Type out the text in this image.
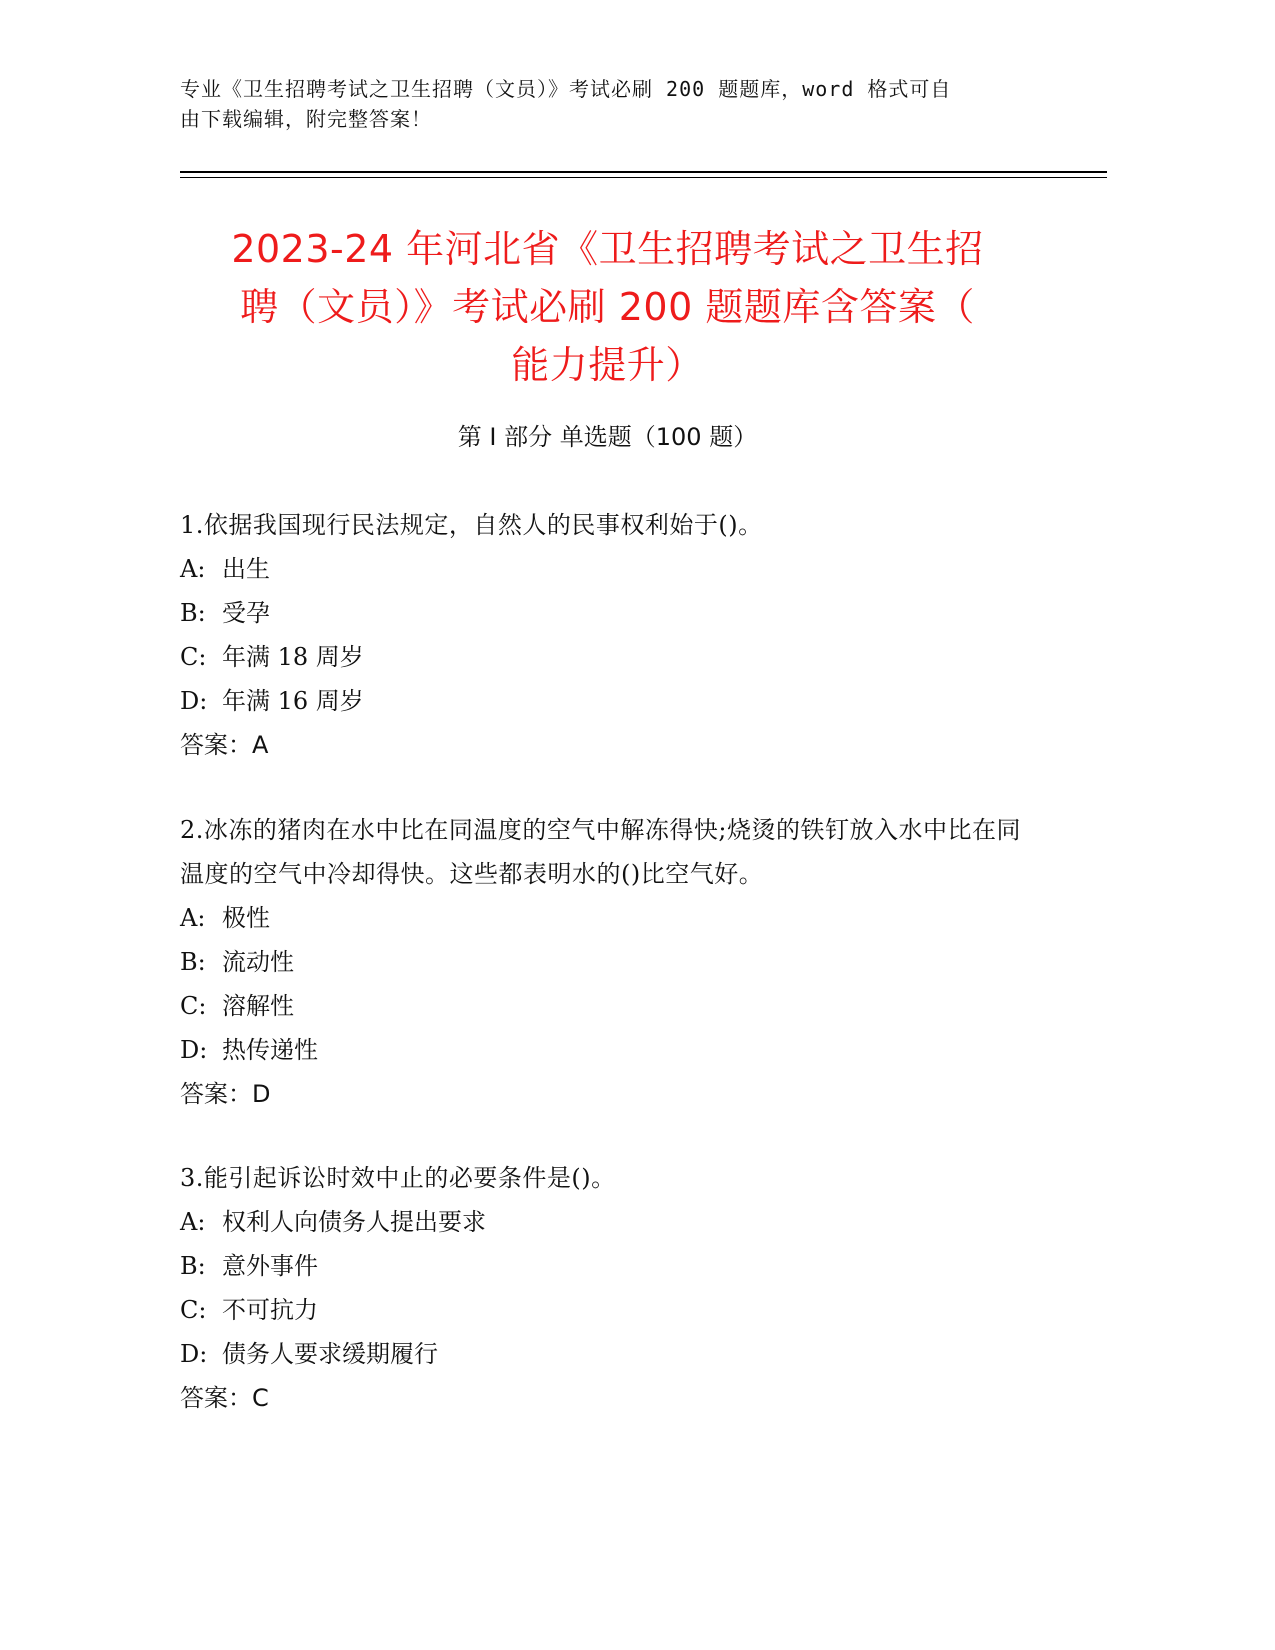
专业《卫生招聘考试之卫生招聘（文员）》考试必刷 200 题题库，word 格式可自
由下载编辑，附完整答案！
2023-24 年河北省《卫生招聘考试之卫生招
聘（文员）》考试必刷 200 题题库含答案（
能力提升）
第 I 部分 单选题（100 题）
1.依据我国现行民法规定，自然人的民事权利始于()。
A: 出生
B: 受孕
C: 年满 18 周岁
D: 年满 16 周岁
答案：A
2.冰冻的猪肉在水中比在同温度的空气中解冻得快;烧烫的铁钉放入水中比在同温度的空气中冷却得快。这些都表明水的()比空气好。
A: 极性
B: 流动性
C: 溶解性
D: 热传递性
答案：D
3.能引起诉讼时效中止的必要条件是()。
A: 权利人向债务人提出要求
B: 意外事件
C: 不可抗力
D: 债务人要求缓期履行
答案：C
